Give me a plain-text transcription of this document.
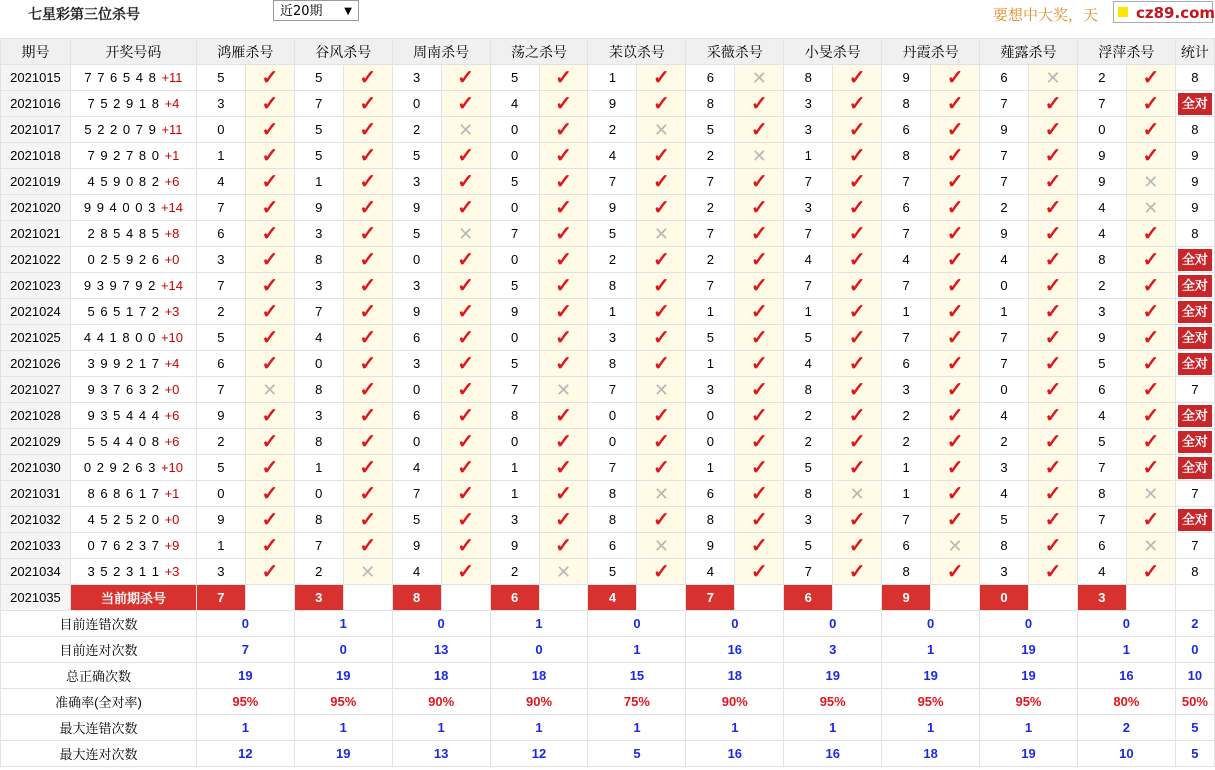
七星彩第三位杀号	近20期 ▼	要想中大奖，天	cz89.com
期号	开奖号码	鸿雁杀号		谷风杀号		周南杀号		荡之杀号		苿苡杀号		采薇杀号		小旻杀号		丹霞杀号		薤露杀号		浮萍杀号		统计
2021015	7 7 6 5 4 8 +11	5	✓	5	✓	3	✓	5	✓	1	✓	6	✕	8	✓	9	✓	6	✕	2	✓	8
2021016	7 5 2 9 1 8 +4	3	✓	7	✓	0	✓	4	✓	9	✓	8	✓	3	✓	8	✓	7	✓	7	✓	全对
2021017	5 2 2 0 7 9 +11	0	✓	5	✓	2	✕	0	✓	2	✕	5	✓	3	✓	6	✓	9	✓	0	✓	8
2021018	7 9 2 7 8 0 +1	1	✓	5	✓	5	✓	0	✓	4	✓	2	✕	1	✓	8	✓	7	✓	9	✓	9
2021019	4 5 9 0 8 2 +6	4	✓	1	✓	3	✓	5	✓	7	✓	7	✓	7	✓	7	✓	7	✓	9	✕	9
2021020	9 9 4 0 0 3 +14	7	✓	9	✓	9	✓	0	✓	9	✓	2	✓	3	✓	6	✓	2	✓	4	✕	9
2021021	2 8 5 4 8 5 +8	6	✓	3	✓	5	✕	7	✓	5	✕	7	✓	7	✓	7	✓	9	✓	4	✓	8
2021022	0 2 5 9 2 6 +0	3	✓	8	✓	0	✓	0	✓	2	✓	2	✓	4	✓	4	✓	4	✓	8	✓	全对
2021023	9 3 9 7 9 2 +14	7	✓	3	✓	3	✓	5	✓	8	✓	7	✓	7	✓	7	✓	0	✓	2	✓	全对
2021024	5 6 5 1 7 2 +3	2	✓	7	✓	9	✓	9	✓	1	✓	1	✓	1	✓	1	✓	1	✓	3	✓	全对
2021025	4 4 1 8 0 0 +10	5	✓	4	✓	6	✓	0	✓	3	✓	5	✓	5	✓	7	✓	7	✓	9	✓	全对
2021026	3 9 9 2 1 7 +4	6	✓	0	✓	3	✓	5	✓	8	✓	1	✓	4	✓	6	✓	7	✓	5	✓	全对
2021027	9 3 7 6 3 2 +0	7	✕	8	✓	0	✓	7	✕	7	✕	3	✓	8	✓	3	✓	0	✓	6	✓	7
2021028	9 3 5 4 4 4 +6	9	✓	3	✓	6	✓	8	✓	0	✓	0	✓	2	✓	2	✓	4	✓	4	✓	全对
2021029	5 5 4 4 0 8 +6	2	✓	8	✓	0	✓	0	✓	0	✓	0	✓	2	✓	2	✓	2	✓	5	✓	全对
2021030	0 2 9 2 6 3 +10	5	✓	1	✓	4	✓	1	✓	7	✓	1	✓	5	✓	1	✓	3	✓	7	✓	全对
2021031	8 6 8 6 1 7 +1	0	✓	0	✓	7	✓	1	✓	8	✕	6	✓	8	✕	1	✓	4	✓	8	✕	7
2021032	4 5 2 5 2 0 +0	9	✓	8	✓	5	✓	3	✓	8	✓	8	✓	3	✓	7	✓	5	✓	7	✓	全对
2021033	0 7 6 2 3 7 +9	1	✓	7	✓	9	✓	9	✓	6	✕	9	✓	5	✓	6	✕	8	✓	6	✕	7
2021034	3 5 2 3 1 1 +3	3	✓	2	✕	4	✓	2	✕	5	✓	4	✓	7	✓	8	✓	3	✓	4	✓	8
2021035	当前期杀号	7		3		8		6		4		7		6		9		0		3		
目前连错次数		0		1		0		1		0		0		0		0		0		0		2
目前连对次数		7		0		13		0		1		16		3		1		19		1		0
总正确次数		19		19		18		18		15		18		19		19		19		16		10
准确率(全对率)		95%		95%		90%		90%		75%		90%		95%		95%		95%		80%		50%
最大连错次数		1		1		1		1		1		1		1		1		1		2		5
最大连对次数		12		19		13		12		5		16		16		18		19		10		5
